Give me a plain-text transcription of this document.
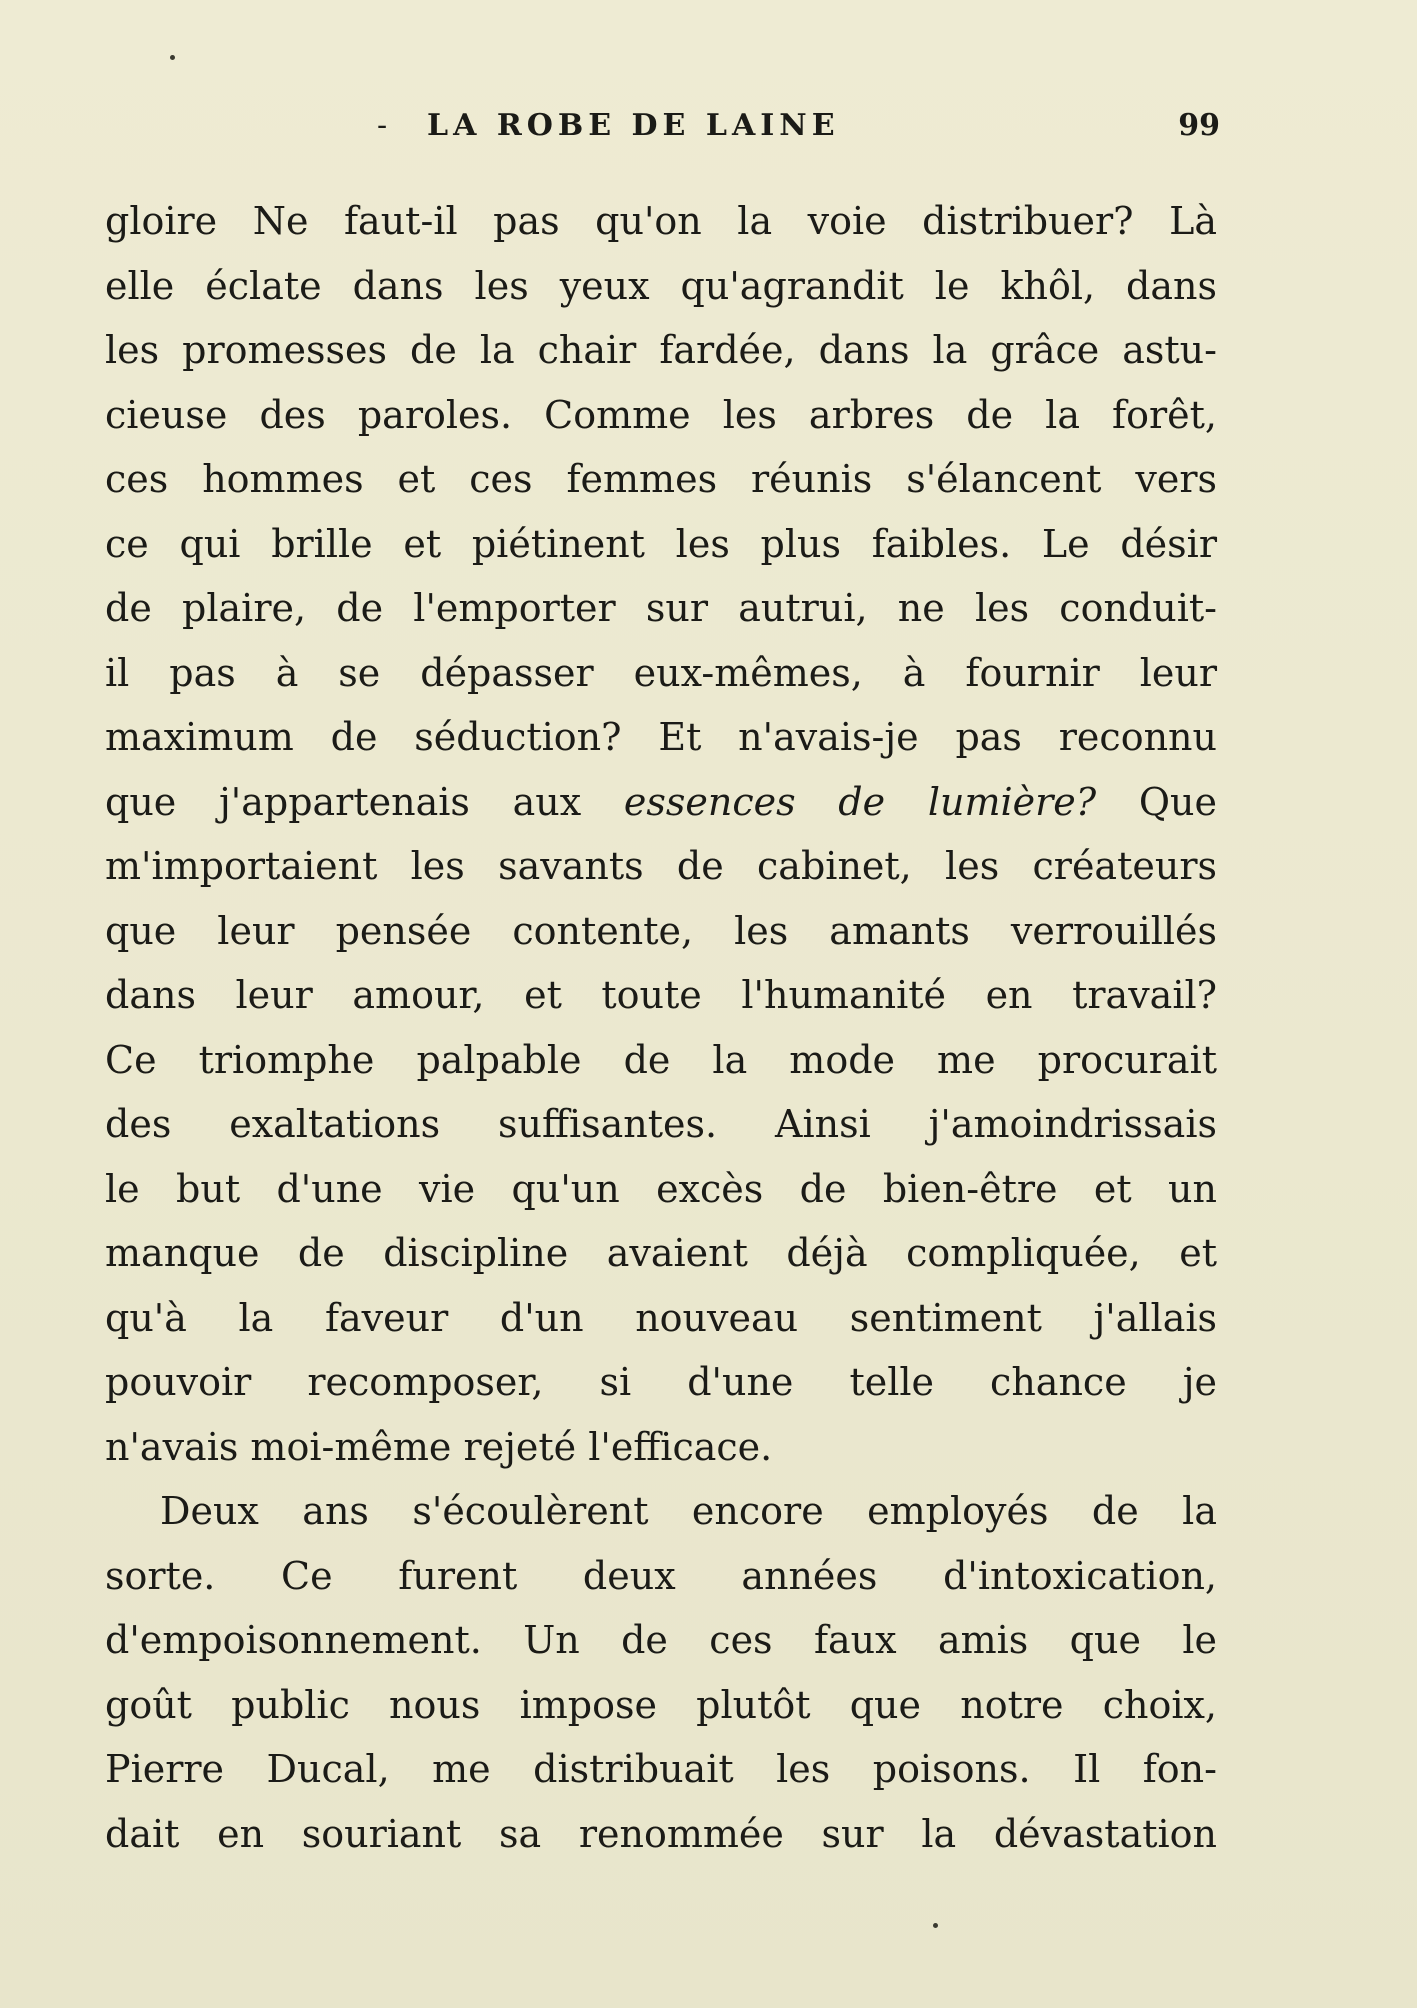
- LA ROBE DE LAINE	99
gloire Ne faut-il pas qu'on la voie distribuer? Là
elle éclate dans les yeux qu'agrandit le khôl, dans
les promesses de la chair fardée, dans la grâce astu-
cieuse des paroles. Comme les arbres de la forêt,
ces hommes et ces femmes réunis s'élancent vers
ce qui brille et piétinent les plus faibles. Le désir
de plaire, de l'emporter sur autrui, ne les conduit-
il pas à se dépasser eux-mêmes, à fournir leur
maximum de séduction? Et n'avais-je pas reconnu
que j'appartenais aux essences de lumière? Que
m'importaient les savants de cabinet, les créateurs
que leur pensée contente, les amants verrouillés
dans leur amour, et toute l'humanité en travail?
Ce triomphe palpable de la mode me procurait
des exaltations suffisantes. Ainsi j'amoindrissais
le but d'une vie qu'un excès de bien-être et un
manque de discipline avaient déjà compliquée, et
qu'à la faveur d'un nouveau sentiment j'allais
pouvoir recomposer, si d'une telle chance je
n'avais moi-même rejeté l'efficace.
Deux ans s'écoulèrent encore employés de la
sorte. Ce furent deux années d'intoxication,
d'empoisonnement. Un de ces faux amis que le
goût public nous impose plutôt que notre choix,
Pierre Ducal, me distribuait les poisons. Il fon-
dait en souriant sa renommée sur la dévastation
